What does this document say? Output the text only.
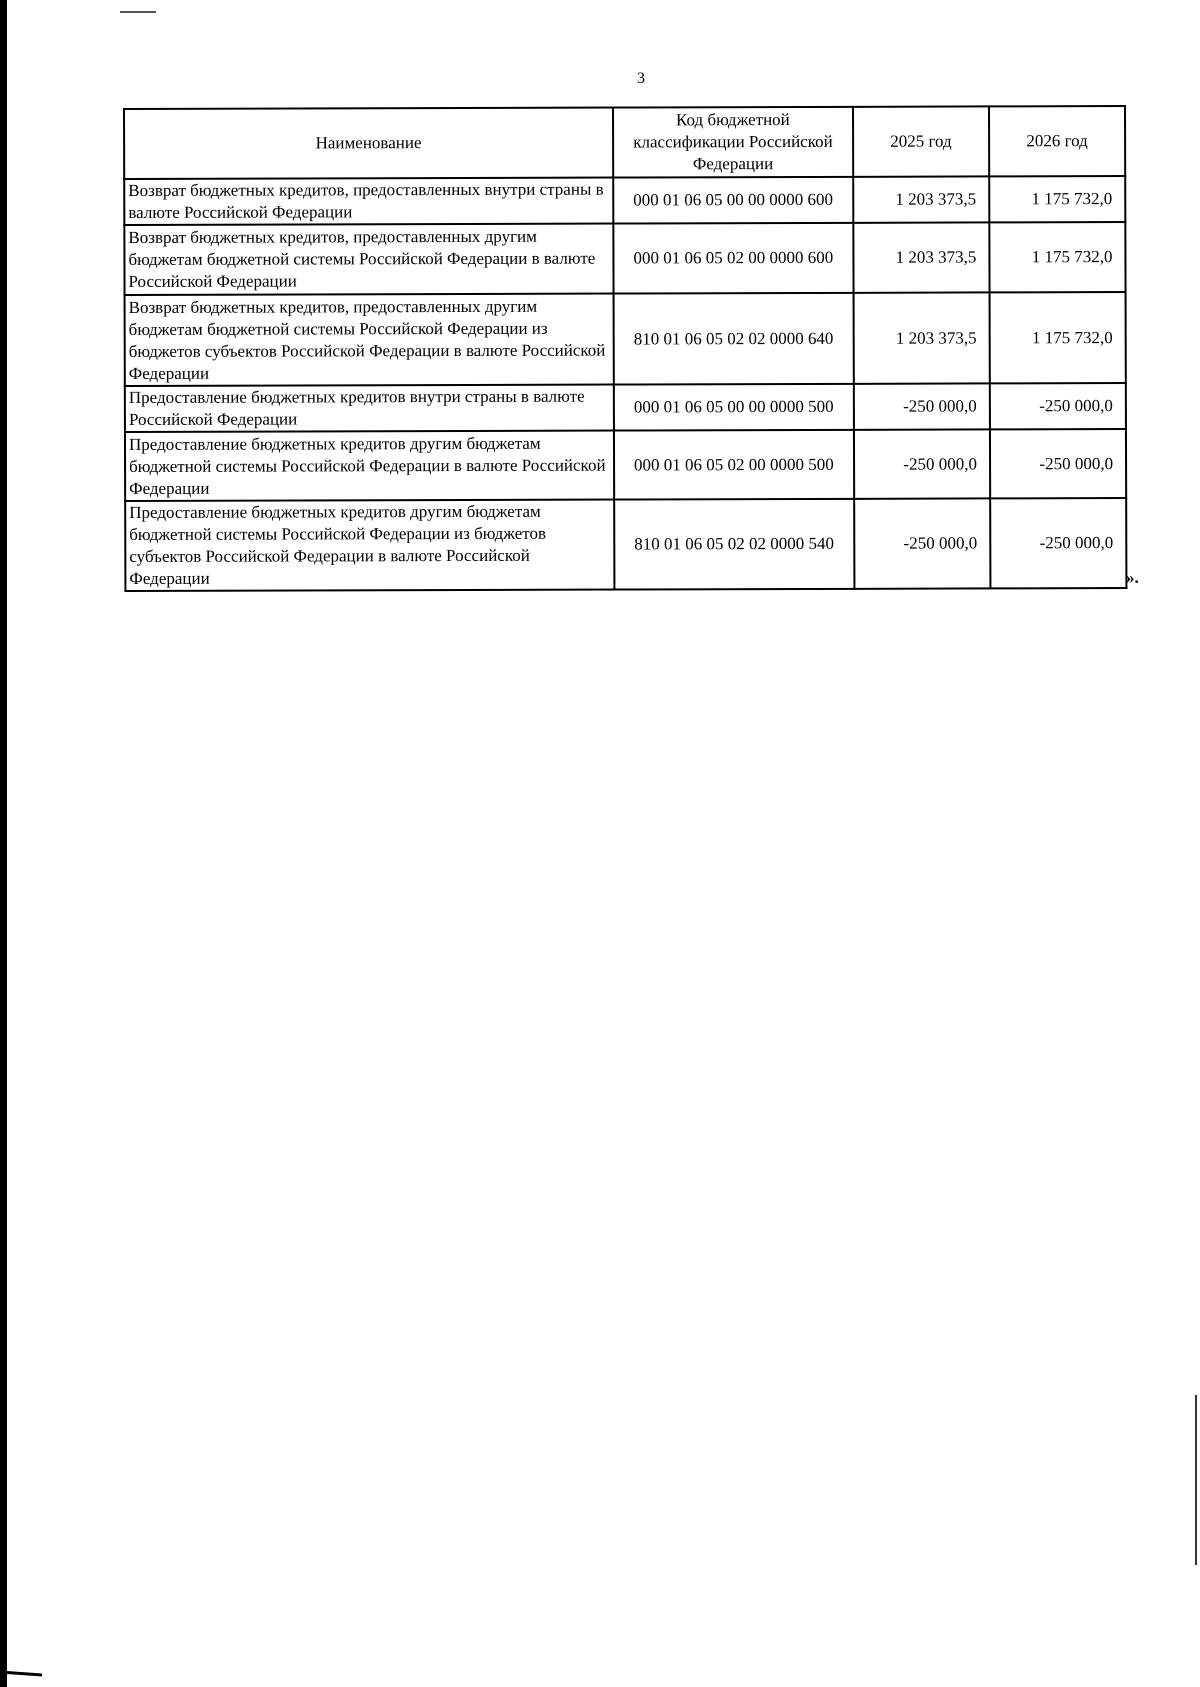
3
Наименование	Код бюджетной классификации Российской Федерации	2025 год	2026 год
Возврат бюджетных кредитов, предоставленных внутри страны в валюте Российской Федерации	000 01 06 05 00 00 0000 600	1 203 373,5	1 175 732,0
Возврат бюджетных кредитов, предоставленных другим бюджетам бюджетной системы Российской Федерации в валюте Российской Федерации	000 01 06 05 02 00 0000 600	1 203 373,5	1 175 732,0
Возврат бюджетных кредитов, предоставленных другим бюджетам бюджетной системы Российской Федерации из бюджетов субъектов Российской Федерации в валюте Российской Федерации	810 01 06 05 02 02 0000 640	1 203 373,5	1 175 732,0
Предоставление бюджетных кредитов внутри страны в валюте Российской Федерации	000 01 06 05 00 00 0000 500	-250 000,0	-250 000,0
Предоставление бюджетных кредитов другим бюджетам бюджетной системы Российской Федерации в валюте Российской Федерации	000 01 06 05 02 00 0000 500	-250 000,0	-250 000,0
Предоставление бюджетных кредитов другим бюджетам бюджетной системы Российской Федерации из бюджетов субъектов Российской Федерации в валюте Российской Федерации	810 01 06 05 02 02 0000 540	-250 000,0	-250 000,0
».
